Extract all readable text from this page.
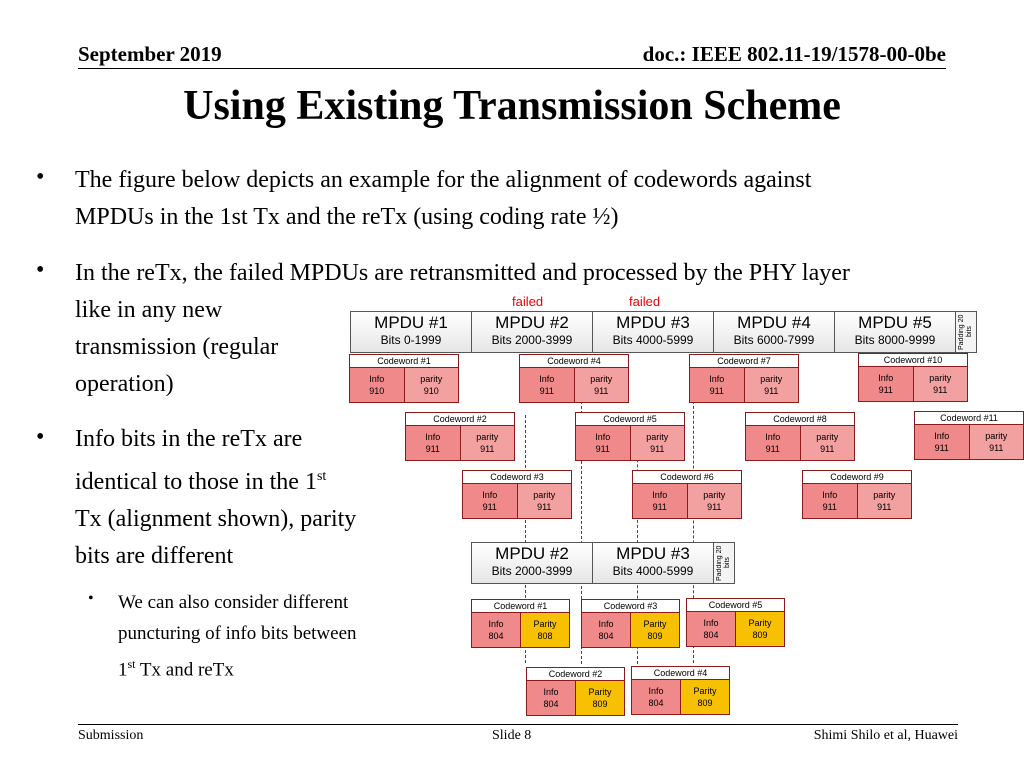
September 2019	doc.: IEEE 802.11-19/1578-00-0be
Using Existing Transmission Scheme
• The figure below depicts an example for the alignment of codewords against
MPDUs in the 1st Tx and the reTx (using coding rate ½)
• In the reTx, the failed MPDUs are retransmitted and processed by the PHY layer
like in any new
transmission (regular
operation)
• Info bits in the reTx are
identical to those in the 1st
Tx (alignment shown), parity
bits are different
• We can also consider different
puncturing of info bits between
1st Tx and reTx
failed	failed
MPDU #1
Bits 0-1999
MPDU #2
Bits 2000-3999
MPDU #3
Bits 4000-5999
MPDU #4
Bits 6000-7999
MPDU #5
Bits 8000-9999	Padding 20 bits
Codeword #1
Info
910
parity
910
Codeword #4
Info
911
parity
911
Codeword #7
Info
911
parity
911
Codeword #10
Info
911
parity
911
Codeword #2
Info
911
parity
911
Codeword #5
Info
911
parity
911
Codeword #8
Info
911
parity
911
Codeword #11
Info
911
parity
911
Codeword #3
Info
911
parity
911
Codeword #6
Info
911
parity
911
Codeword #9
Info
911
parity
911
MPDU #2
Bits 2000-3999
MPDU #3
Bits 4000-5999	Padding 20 bits
Codeword #1
Info
804
Parity
808
Codeword #3
Info
804
Parity
809
Codeword #5
Info
804
Parity
809
Codeword #2
Info
804
Parity
809
Codeword #4
Info
804
Parity
809
Submission	Slide 8	Shimi Shilo et al, Huawei
